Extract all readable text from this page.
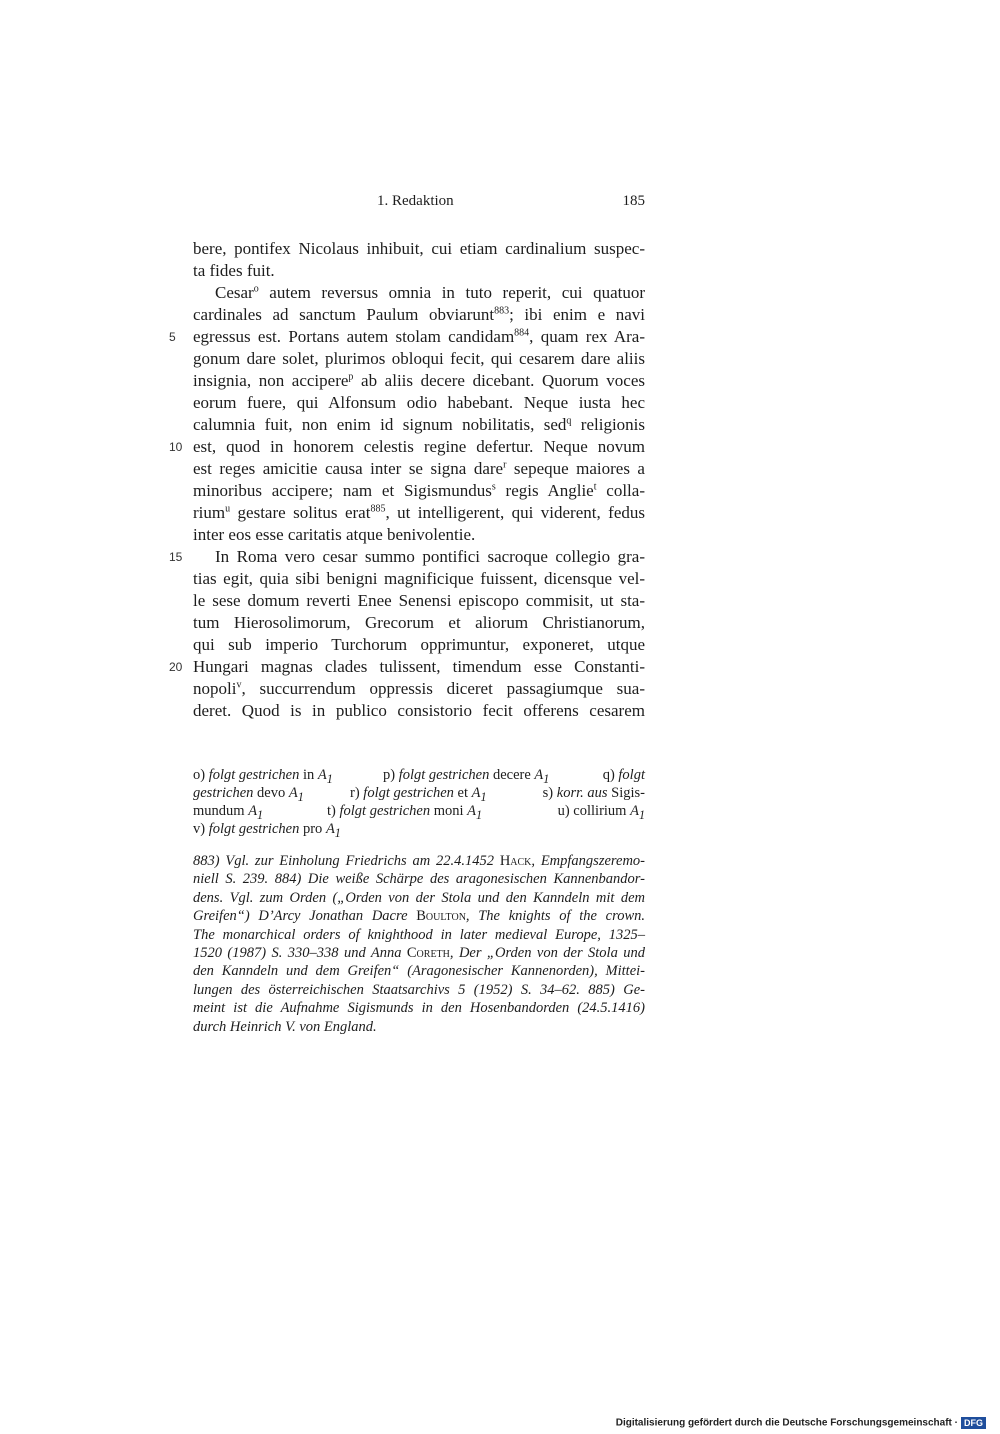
1. Redaktion	185
bere, pontifex Nicolaus inhibuit, cui etiam cardinalium suspec-
ta fides fuit.
Cesar$^o$ autem reversus omnia in tuto reperit, cui quatuor
cardinales ad sanctum Paulum obviarunt$^{883}$; ibi enim e navi
5	egressus est. Portans autem stolam candidam$^{884}$, quam rex Ara-
gonum dare solet, plurimos obloqui fecit, qui cesarem dare aliis
insignia, non accipere$^p$ ab aliis decere dicebant. Quorum voces
eorum fuere, qui Alfonsum odio habebant. Neque iusta hec
calumnia fuit, non enim id signum nobilitatis, sed$^q$ religionis
10 est, quod in honorem celestis regine defertur. Neque novum
est reges amicitie causa inter se signa dare$^r$ sepeque maiores a
minoribus accipere; nam et Sigismundus$^s$ regis Anglie$^t$ colla-
rium$^u$ gestare solitus erat$^{885}$, ut intelligerent, qui viderent, fedus
inter eos esse caritatis atque benivolentie.
15 In Roma vero cesar summo pontifici sacroque collegio gra-
tias egit, quia sibi benigni magnificique fuissent, dicensque vel-
le sese domum reverti Enee Senensi episcopo commisit, ut sta-
tum Hierosolimorum, Grecorum et aliorum Christianorum,
qui sub imperio Turchorum opprimuntur, exponeret, utque
20 Hungari magnas clades tulissent, timendum esse Constanti-
nopoli$^v$, succurrendum oppressis diceret passagiumque sua-
deret. Quod is in publico consistorio fecit offerens cesarem
o) folgt gestrichen in $A_1$	p) folgt gestrichen decere $A_1$	q) folgt
gestrichen devo $A_1$	r) folgt gestrichen et $A_1$	s) korr. aus Sigis-
mundum $A_1$	t) folgt gestrichen moni $A_1$	u) collirium $A_1$
v) folgt gestrichen pro $A_1$
883) Vgl. zur Einholung Friedrichs am 22.4.1452 Hack, Empfangszeremo-
niell S. 239. 884) Die weiße Schärpe des aragonesischen Kannenbandor-
dens. Vgl. zum Orden („Orden von der Stola und den Kanndeln mit dem
Greifen“) D’Arcy Jonathan Dacre Boulton, The knights of the crown.
The monarchical orders of knighthood in later medieval Europe, 1325–
1520 (1987) S. 330–338 und Anna Coreth, Der „Orden von der Stola und
den Kanndeln und dem Greifen“ (Aragonesischer Kannenorden), Mittei-
lungen des österreichischen Staatsarchivs 5 (1952) S. 34–62. 885) Ge-
meint ist die Aufnahme Sigismunds in den Hosenbandorden (24.5.1416)
durch Heinrich V. von England.
Digitalisierung gefördert durch die Deutsche Forschungsgemeinschaft · DFG
